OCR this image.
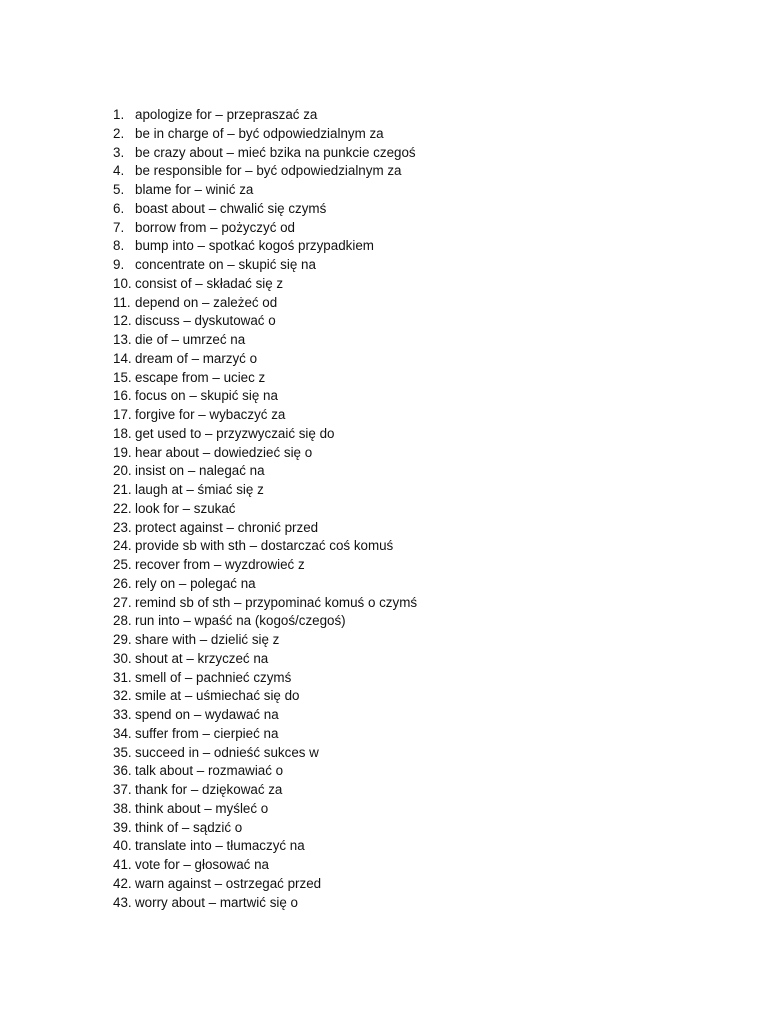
1. apologize for – przepraszać za
2. be in charge of – być odpowiedzialnym za
3. be crazy about – mieć bzika na punkcie czegoś
4. be responsible for – być odpowiedzialnym za
5. blame for – winić za
6. boast about – chwalić się czymś
7. borrow from – pożyczyć od
8. bump into – spotkać kogoś przypadkiem
9. concentrate on – skupić się na
10. consist of – składać się z
11. depend on – zależeć od
12. discuss – dyskutować o
13. die of – umrzeć na
14. dream of – marzyć o
15. escape from – uciec z
16. focus on – skupić się na
17. forgive for – wybaczyć za
18. get used to – przyzwyczaić się do
19. hear about – dowiedzieć się o
20. insist on – nalegać na
21. laugh at – śmiać się z
22. look for – szukać
23. protect against – chronić przed
24. provide sb with sth – dostarczać coś komuś
25. recover from – wyzdrowieć z
26. rely on – polegać na
27. remind sb of sth – przypominać komuś o czymś
28. run into – wpaść na (kogoś/czegoś)
29. share with – dzielić się z
30. shout at – krzyczeć na
31. smell of – pachnieć czymś
32. smile at – uśmiechać się do
33. spend on – wydawać na
34. suffer from – cierpieć na
35. succeed in – odnieść sukces w
36. talk about – rozmawiać o
37. thank for – dziękować za
38. think about – myśleć o
39. think of – sądzić o
40. translate into – tłumaczyć na
41. vote for – głosować na
42. warn against – ostrzegać przed
43. worry about – martwić się o
